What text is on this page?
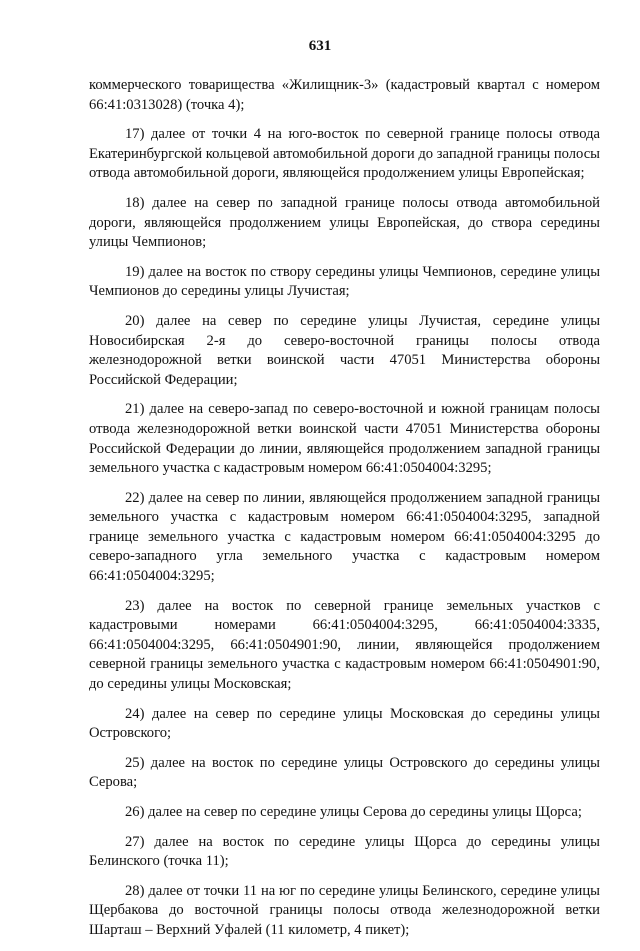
631

коммерческого товарищества «Жилищник-3» (кадастровый квартал с номером 66:41:0313028) (точка 4);

17) далее от точки 4 на юго-восток по северной границе полосы отвода Екатеринбургской кольцевой автомобильной дороги до западной границы полосы отвода автомобильной дороги, являющейся продолжением улицы Европейская;

18) далее на север по западной границе полосы отвода автомобильной дороги, являющейся продолжением улицы Европейская, до створа середины улицы Чемпионов;

19) далее на восток по створу середины улицы Чемпионов, середине улицы Чемпионов до середины улицы Лучистая;

20) далее на север по середине улицы Лучистая, середине улицы Новосибирская 2-я до северо-восточной границы полосы отвода железнодорожной ветки воинской части 47051 Министерства обороны Российской Федерации;

21) далее на северо-запад по северо-восточной и южной границам полосы отвода железнодорожной ветки воинской части 47051 Министерства обороны Российской Федерации до линии, являющейся продолжением западной границы земельного участка с кадастровым номером 66:41:0504004:3295;

22) далее на север по линии, являющейся продолжением западной границы земельного участка с кадастровым номером 66:41:0504004:3295, западной границе земельного участка с кадастровым номером 66:41:0504004:3295 до северо-западного угла земельного участка с кадастровым номером 66:41:0504004:3295;

23) далее на восток по северной границе земельных участков с кадастровыми номерами 66:41:0504004:3295, 66:41:0504004:3335, 66:41:0504004:3295, 66:41:0504901:90, линии, являющейся продолжением северной границы земельного участка с кадастровым номером 66:41:0504901:90, до середины улицы Московская;

24) далее на север по середине улицы Московская до середины улицы Островского;

25) далее на восток по середине улицы Островского до середины улицы Серова;

26) далее на север по середине улицы Серова до середины улицы Щорса;

27) далее на восток по середине улицы Щорса до середины улицы Белинского (точка 11);

28) далее от точки 11 на юг по середине улицы Белинского, середине улицы Щербакова до восточной границы полосы отвода железнодорожной ветки Шарташ – Верхний Уфалей (11 километр, 4 пикет);
